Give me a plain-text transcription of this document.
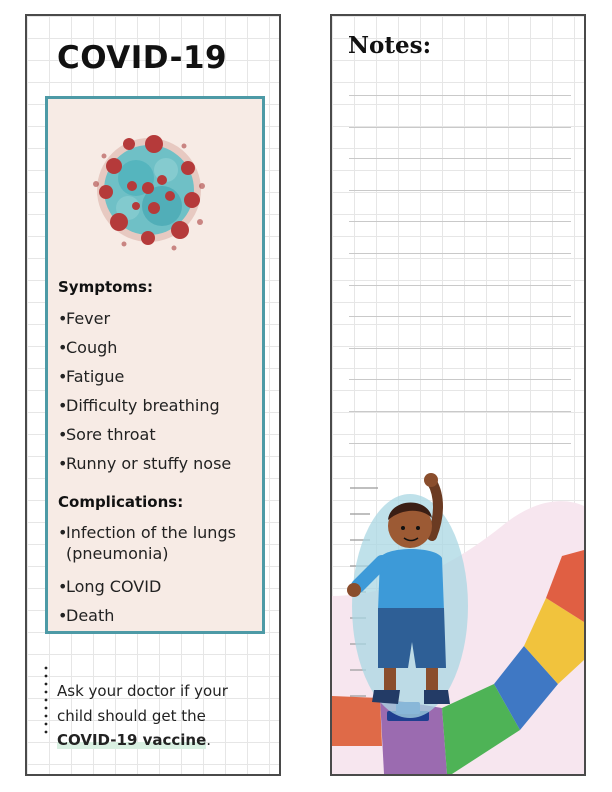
COVID-19

Symptoms:

•Fever
•Cough
•Fatigue
•Difficulty breathing
•Sore throat
•Runny or stuffy nose

Complications:

•Infection of the lungs
(pneumonia)
•Long COVID
•Death

Ask your doctor if your child should get the COVID-19 vaccine.

Notes:
